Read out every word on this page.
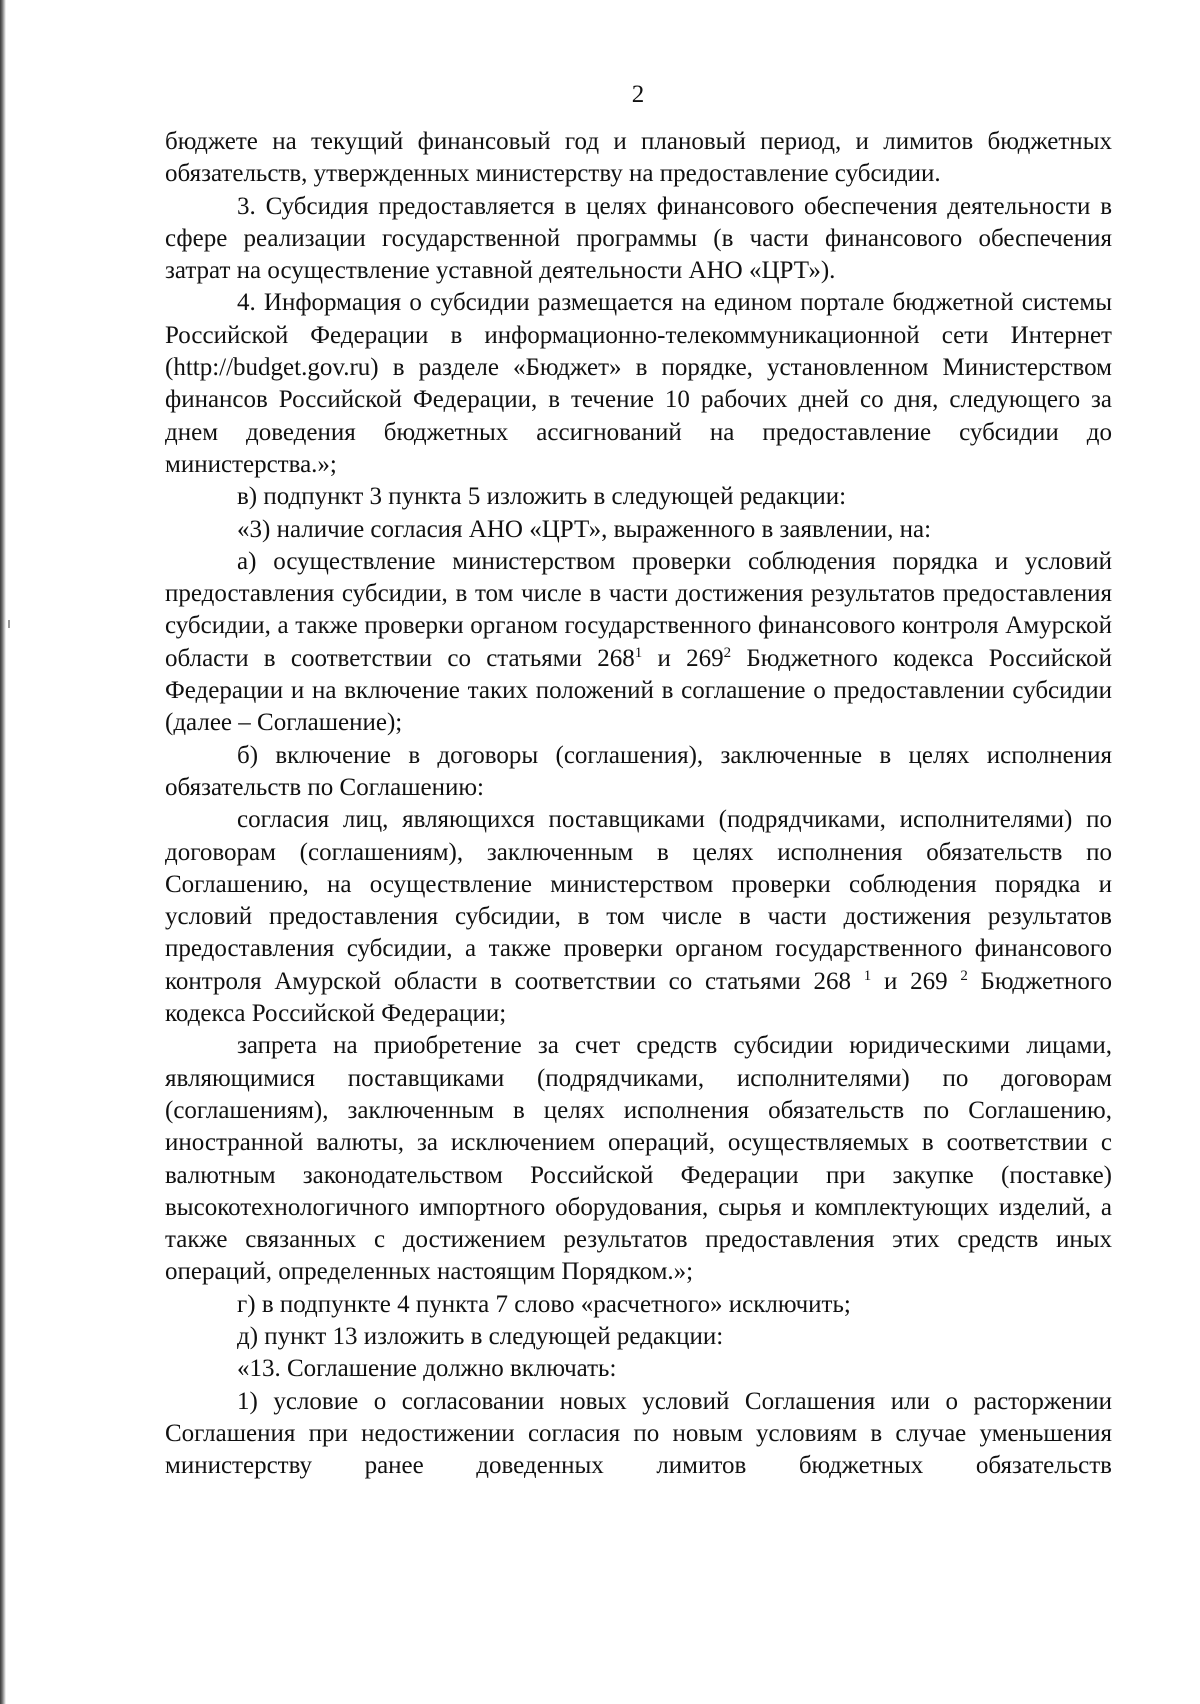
2

бюджете на текущий финансовый год и плановый период, и лимитов бюджетных обязательств, утвержденных министерству на предоставление субсидии.

3. Субсидия предоставляется в целях финансового обеспечения деятельности в сфере реализации государственной программы (в части финансового обеспечения затрат на осуществление уставной деятельности АНО «ЦРТ»).

4. Информация о субсидии размещается на едином портале бюджетной системы Российской Федерации в информационно-телекоммуникационной сети Интернет (http://budget.gov.ru) в разделе «Бюджет» в порядке, установленном Министерством финансов Российской Федерации, в течение 10 рабочих дней со дня, следующего за днем доведения бюджетных ассигнований на предоставление субсидии до министерства.»;

в) подпункт 3 пункта 5 изложить в следующей редакции:

«3) наличие согласия АНО «ЦРТ», выраженного в заявлении, на:

а) осуществление министерством проверки соблюдения порядка и условий предоставления субсидии, в том числе в части достижения результатов предоставления субсидии, а также проверки органом государственного финансового контроля Амурской области в соответствии со статьями $268^1$ и $269^2$ Бюджетного кодекса Российской Федерации и на включение таких положений в соглашение о предоставлении субсидии (далее – Соглашение);

б) включение в договоры (соглашения), заключенные в целях исполнения обязательств по Соглашению:

согласия лиц, являющихся поставщиками (подрядчиками, исполнителями) по договорам (соглашениям), заключенным в целях исполнения обязательств по Соглашению, на осуществление министерством проверки соблюдения порядка и условий предоставления субсидии, в том числе в части достижения результатов предоставления субсидии, а также проверки органом государственного финансового контроля Амурской области в соответствии со статьями 268 $^1$ и 269 $^2$ Бюджетного кодекса Российской Федерации;

запрета на приобретение за счет средств субсидии юридическими лицами, являющимися поставщиками (подрядчиками, исполнителями) по договорам (соглашениям), заключенным в целях исполнения обязательств по Соглашению, иностранной валюты, за исключением операций, осуществляемых в соответствии с валютным законодательством Российской Федерации при закупке (поставке) высокотехнологичного импортного оборудования, сырья и комплектующих изделий, а также связанных с достижением результатов предоставления этих средств иных операций, определенных настоящим Порядком.»;

г) в подпункте 4 пункта 7 слово «расчетного» исключить;

д) пункт 13 изложить в следующей редакции:

«13. Соглашение должно включать:

1) условие о согласовании новых условий Соглашения или о расторжении Соглашения при недостижении согласия по новым условиям в случае уменьшения министерству ранее доведенных лимитов бюджетных обязательств
